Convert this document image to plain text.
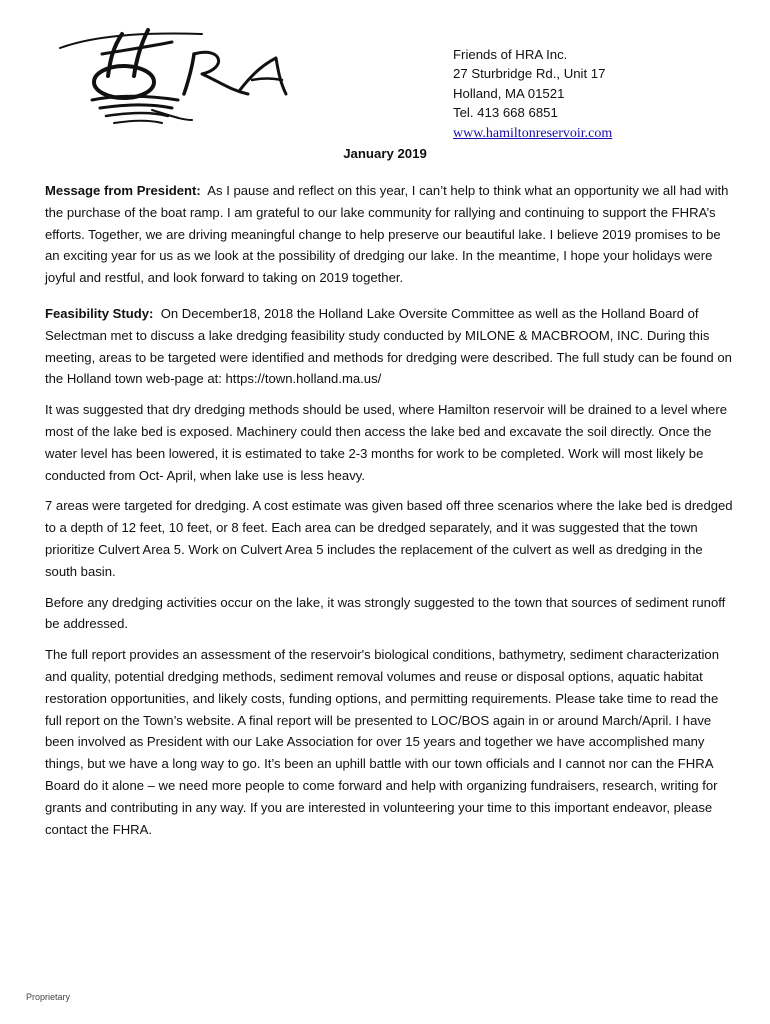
Friends of HRA Inc.
27 Sturbridge Rd., Unit 17
Holland, MA 01521
Tel. 413 668 6851
www.hamiltonreservoir.com
January 2019

Message from President: As I pause and reflect on this year, I can’t help to think what an opportunity we all had with the purchase of the boat ramp. I am grateful to our lake community for rallying and continuing to support the FHRA’s efforts. Together, we are driving meaningful change to help preserve our beautiful lake. I believe 2019 promises to be an exciting year for us as we look at the possibility of dredging our lake. In the meantime, I hope your holidays were joyful and restful, and look forward to taking on 2019 together.

Feasibility Study: On December18, 2018 the Holland Lake Oversite Committee as well as the Holland Board of Selectman met to discuss a lake dredging feasibility study conducted by MILONE & MACBROOM, INC. During this meeting, areas to be targeted were identified and methods for dredging were described. The full study can be found on the Holland town web-page at: https://town.holland.ma.us/

It was suggested that dry dredging methods should be used, where Hamilton reservoir will be drained to a level where most of the lake bed is exposed. Machinery could then access the lake bed and excavate the soil directly. Once the water level has been lowered, it is estimated to take 2-3 months for work to be completed. Work will most likely be conducted from Oct- April, when lake use is less heavy.

7 areas were targeted for dredging. A cost estimate was given based off three scenarios where the lake bed is dredged to a depth of 12 feet, 10 feet, or 8 feet. Each area can be dredged separately, and it was suggested that the town prioritize Culvert Area 5. Work on Culvert Area 5 includes the replacement of the culvert as well as dredging in the south basin.

Before any dredging activities occur on the lake, it was strongly suggested to the town that sources of sediment runoff be addressed.

The full report provides an assessment of the reservoir's biological conditions, bathymetry, sediment characterization and quality, potential dredging methods, sediment removal volumes and reuse or disposal options, aquatic habitat restoration opportunities, and likely costs, funding options, and permitting requirements. Please take time to read the full report on the Town’s website. A final report will be presented to LOC/BOS again in or around March/April. I have been involved as President with our Lake Association for over 15 years and together we have accomplished many things, but we have a long way to go. It’s been an uphill battle with our town officials and I cannot nor can the FHRA Board do it alone – we need more people to come forward and help with organizing fundraisers, research, writing for grants and contributing in any way. If you are interested in volunteering your time to this important endeavor, please contact the FHRA.

Proprietary
